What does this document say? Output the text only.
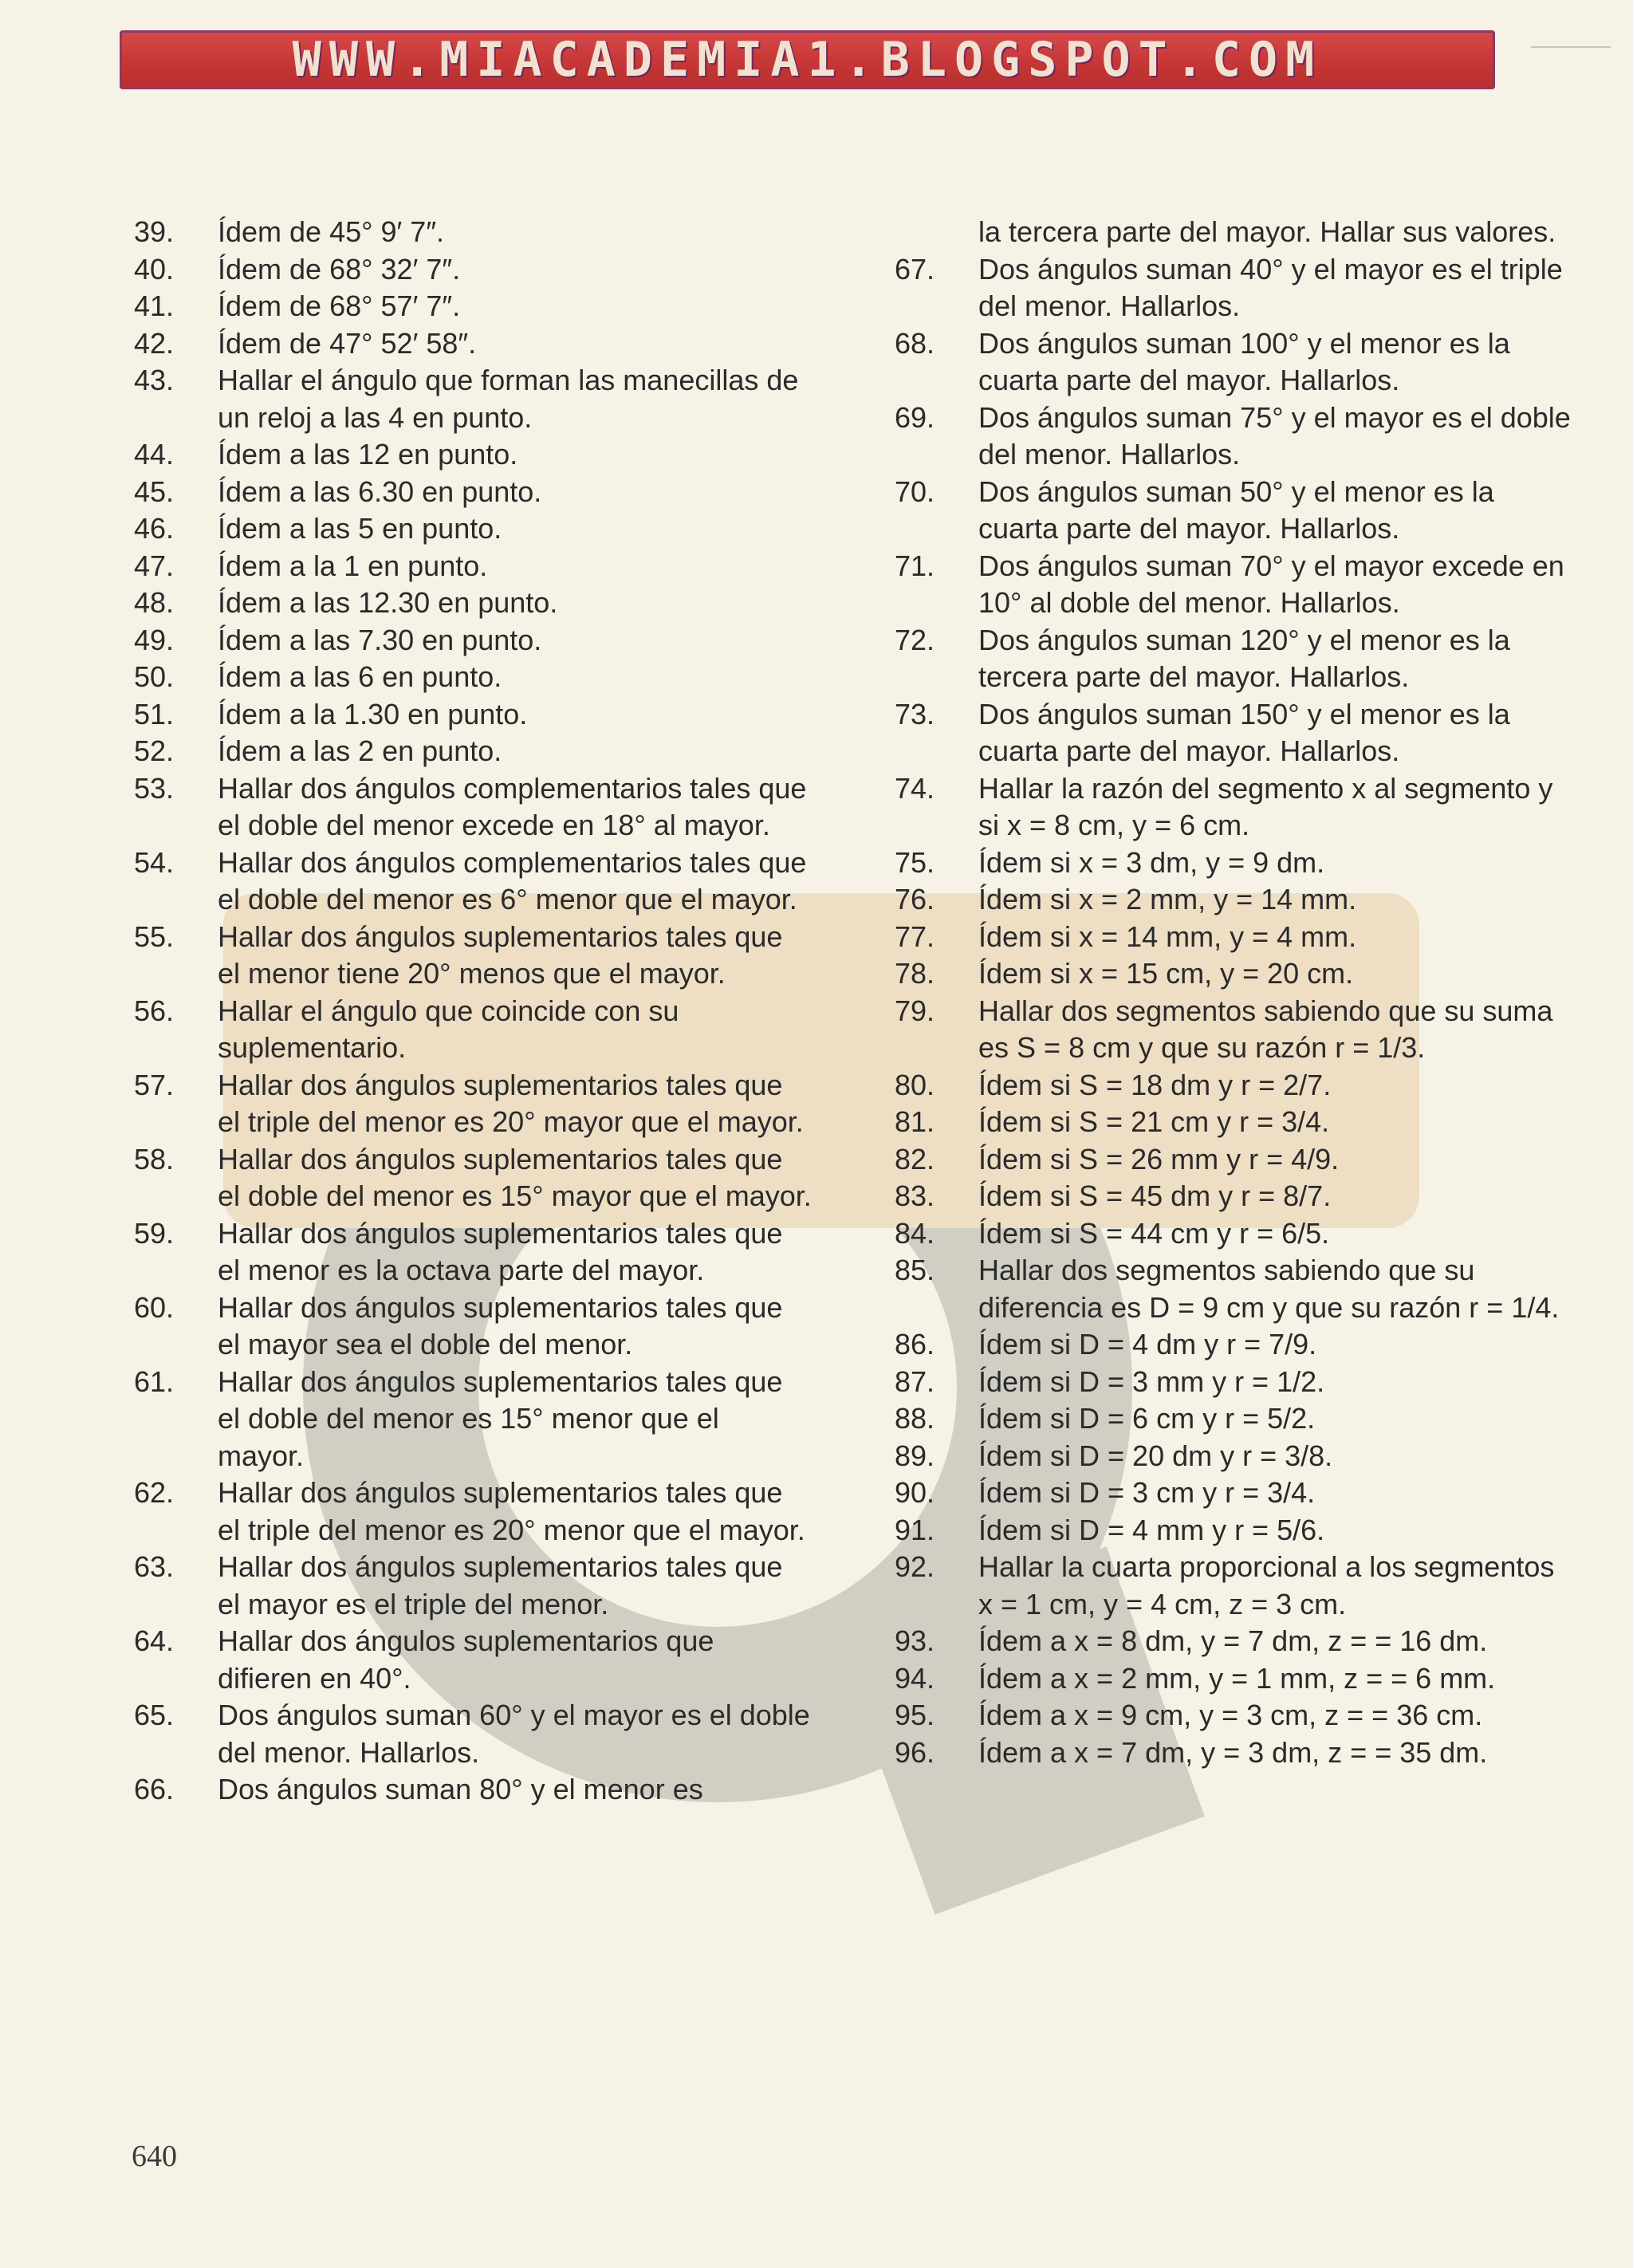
WWW.MIACADEMIA1.BLOGSPOT.COM
39.	Ídem de 45° 9′ 7″.
40.	Ídem de 68° 32′ 7″.
41.	Ídem de 68° 57′ 7″.
42.	Ídem de 47° 52′ 58″.
43.	Hallar el ángulo que forman las manecillas de un reloj a las 4 en punto.
44.	Ídem a las 12 en punto.
45.	Ídem a las 6.30 en punto.
46.	Ídem a las 5 en punto.
47.	Ídem a la 1 en punto.
48.	Ídem a las 12.30 en punto.
49.	Ídem a las 7.30 en punto.
50.	Ídem a las 6 en punto.
51.	Ídem a la 1.30 en punto.
52.	Ídem a las 2 en punto.
53.	Hallar dos ángulos complementarios tales que el doble del menor excede en 18° al mayor.
54.	Hallar dos ángulos complementarios tales que el doble del menor es 6° menor que el mayor.
55.	Hallar dos ángulos suplementarios tales que el menor tiene 20° menos que el mayor.
56.	Hallar el ángulo que coincide con su suplementario.
57.	Hallar dos ángulos suplementarios tales que el triple del menor es 20° mayor que el mayor.
58.	Hallar dos ángulos suplementarios tales que el doble del menor es 15° mayor que el mayor.
59.	Hallar dos ángulos suplementarios tales que el menor es la octava parte del mayor.
60.	Hallar dos ángulos suplementarios tales que el mayor sea el doble del menor.
61.	Hallar dos ángulos suplementarios tales que el doble del menor es 15° menor que el mayor.
62.	Hallar dos ángulos suplementarios tales que el triple del menor es 20° menor que el mayor.
63.	Hallar dos ángulos suplementarios tales que el mayor es el triple del menor.
64.	Hallar dos ángulos suplementarios que difieren en 40°.
65.	Dos ángulos suman 60° y el mayor es el doble del menor. Hallarlos.
66.	Dos ángulos suman 80° y el menor es
la tercera parte del mayor. Hallar sus valores.
67.	Dos ángulos suman 40° y el mayor es el triple del menor. Hallarlos.
68.	Dos ángulos suman 100° y el menor es la cuarta parte del mayor. Hallarlos.
69.	Dos ángulos suman 75° y el mayor es el doble del menor. Hallarlos.
70.	Dos ángulos suman 50° y el menor es la cuarta parte del mayor. Hallarlos.
71.	Dos ángulos suman 70° y el mayor excede en 10° al doble del menor. Hallarlos.
72.	Dos ángulos suman 120° y el menor es la tercera parte del mayor. Hallarlos.
73.	Dos ángulos suman 150° y el menor es la cuarta parte del mayor. Hallarlos.
74.	Hallar la razón del segmento x al segmento y si x = 8 cm, y = 6 cm.
75.	Ídem si x = 3 dm, y = 9 dm.
76.	Ídem si x = 2 mm, y = 14 mm.
77.	Ídem si x = 14 mm, y = 4 mm.
78.	Ídem si x = 15 cm, y = 20 cm.
79.	Hallar dos segmentos sabiendo que su suma es S = 8 cm y que su razón r = 1/3.
80.	Ídem si S = 18 dm y r = 2/7.
81.	Ídem si S = 21 cm y r = 3/4.
82.	Ídem si S = 26 mm y r = 4/9.
83.	Ídem si S = 45 dm y r = 8/7.
84.	Ídem si S = 44 cm y r = 6/5.
85.	Hallar dos segmentos sabiendo que su diferencia es D = 9 cm y que su razón r = 1/4.
86.	Ídem si D = 4 dm y r = 7/9.
87.	Ídem si D = 3 mm y r = 1/2.
88.	Ídem si D = 6 cm y r = 5/2.
89.	Ídem si D = 20 dm y r = 3/8.
90.	Ídem si D = 3 cm y r = 3/4.
91.	Ídem si D = 4 mm y r = 5/6.
92.	Hallar la cuarta proporcional a los segmentos x = 1 cm, y = 4 cm, z = 3 cm.
93.	Ídem a x = 8 dm, y = 7 dm, z = = 16 dm.
94.	Ídem a x = 2 mm, y = 1 mm, z = = 6 mm.
95.	Ídem a x = 9 cm, y = 3 cm, z = = 36 cm.
96.	Ídem a x = 7 dm, y = 3 dm, z = = 35 dm.
640
